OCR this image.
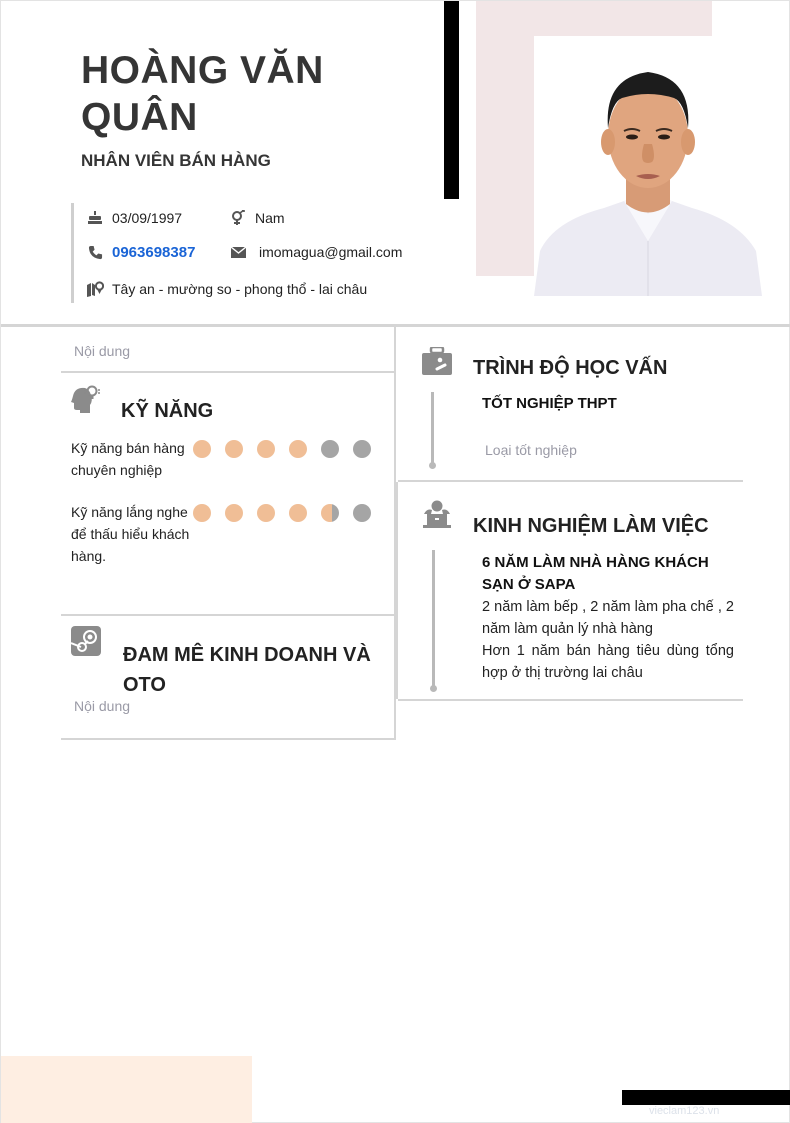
vieclam123.vn
HOÀNG VĂN QUÂN
NHÂN VIÊN BÁN HÀNG
03/09/1997	Nam
0963698387	imomagua@gmail.com
Tây an - mường so - phong thổ - lai châu
Nội dung
KỸ NĂNG
Kỹ năng bán hàng chuyên nghiệp
Kỹ năng lắng nghe để thấu hiểu khách hàng.
ĐAM MÊ KINH DOANH VÀ OTO
Nội dung
TRÌNH ĐỘ HỌC VẤN
TỐT NGHIỆP THPT
Loại tốt nghiệp
KINH NGHIỆM LÀM VIỆC
6 NĂM LÀM NHÀ HÀNG KHÁCH SẠN Ở SAPA
2 năm làm bếp , 2 năm làm pha chế , 2 năm làm quản lý nhà hàng
Hơn 1 năm bán hàng tiêu dùng tổng hợp ở thị trường lai châu
